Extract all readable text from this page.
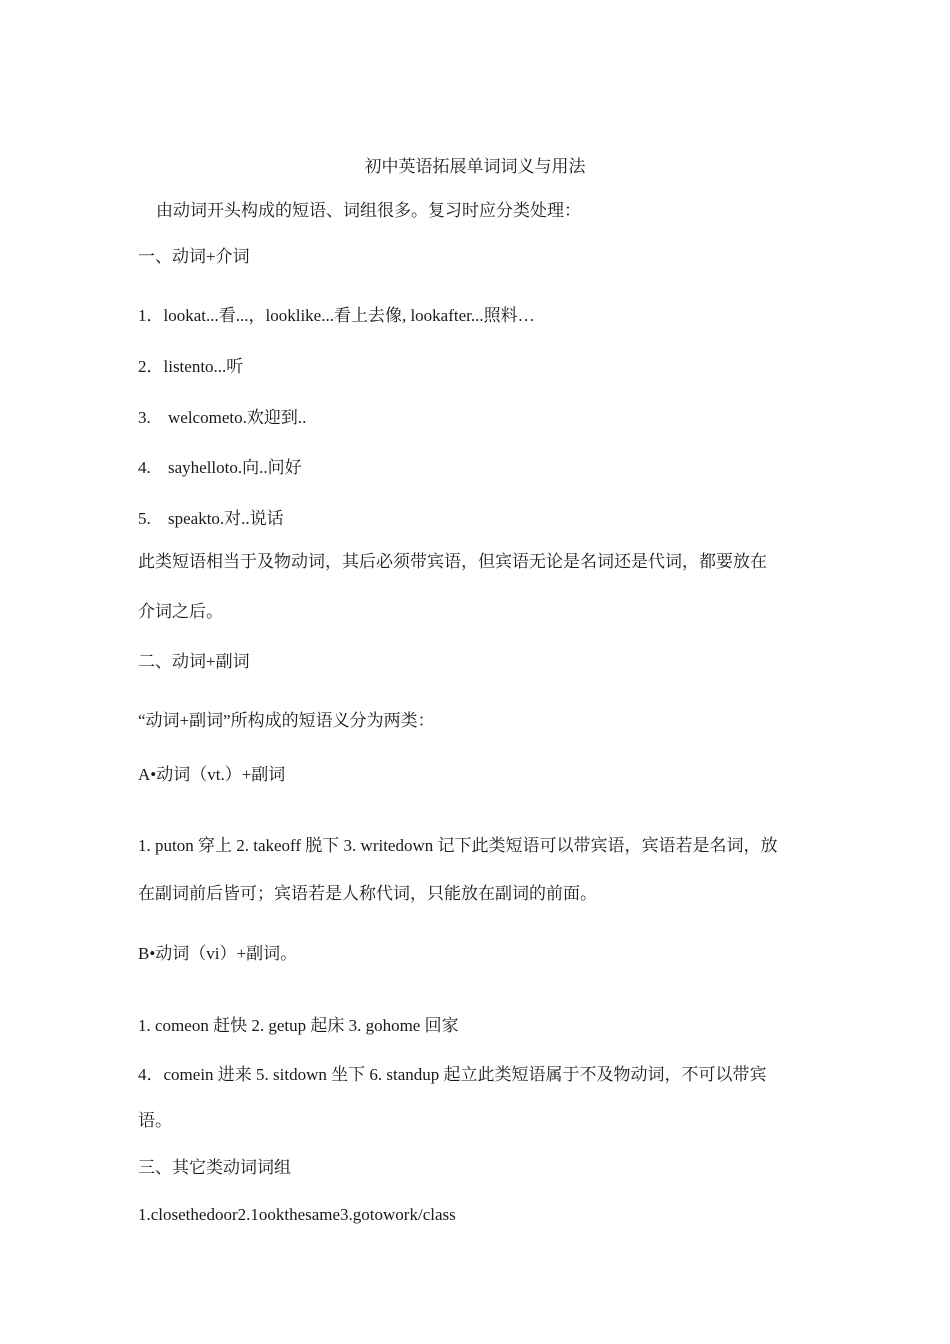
初中英语拓展单词词义与用法
由动词开头构成的短语、词组很多。复习时应分类处理：
一、动词+介词
1．lookat...看...，looklike...看上去像, lookafter...照料…
2．listento...听
3. welcometo.欢迎到..
4. sayhelloto.向..问好
5. speakto.对..说话
此类短语相当于及物动词，其后必须带宾语，但宾语无论是名词还是代词，都要放在
介词之后。
二、动词+副词
“动词+副词”所构成的短语义分为两类：
A•动词（vt.）+副词
1. puton 穿上 2. takeoff 脱下 3. writedown 记下此类短语可以带宾语，宾语若是名词，放
在副词前后皆可；宾语若是人称代词，只能放在副词的前面。
B•动词（vi）+副词。
1. comeon 赶快 2. getup 起床 3. gohome 回家
4．comein 进来 5. sitdown 坐下 6. standup 起立此类短语属于不及物动词，不可以带宾
语。
三、其它类动词词组
1.closethedoor2.1ookthesame3.gotowork/class
